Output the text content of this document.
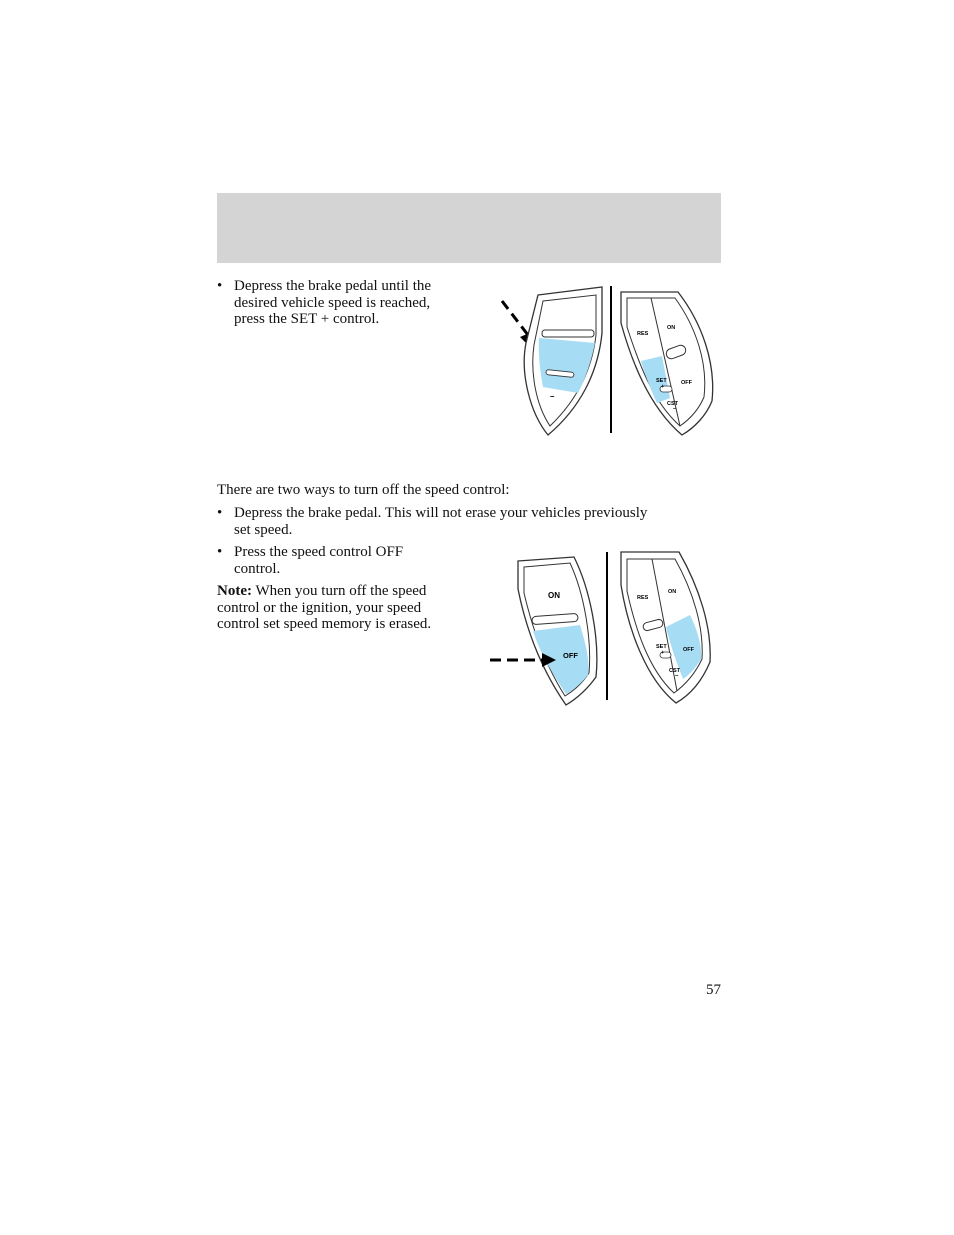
• Depress the brake pedal until the
desired vehicle speed is reached,
press the SET + control.
–
RES
ON
SET
+
OFF
CST
–
There are two ways to turn off the speed control:
• Depress the brake pedal. This will not erase your vehicles previously
set speed.
• Press the speed control OFF
control.
Note: When you turn off the speed
control or the ignition, your speed
control set speed memory is erased.
ON
OFF
RES
ON
SET
+	OFF
CST
–
57
